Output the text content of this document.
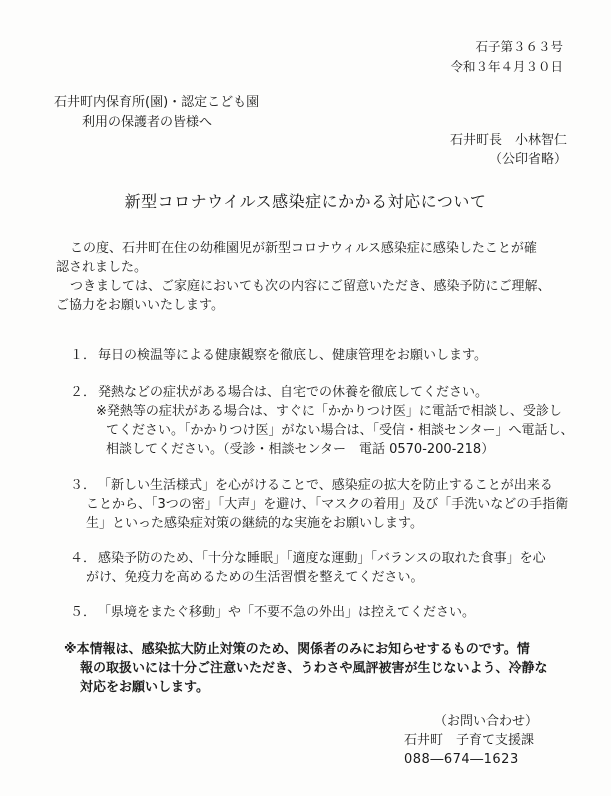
石子第３６３号
令和３年４月３０日
石井町内保育所(園)・認定こども園
利用の保護者の皆様へ
石井町長　小林智仁
（公印省略）
新型コロナウイルス感染症にかかる対応について
この度、石井町在住の幼稚園児が新型コロナウィルス感染症に感染したことが確
認されました。
つきましては、ご家庭においても次の内容にご留意いただき、感染予防にご理解、
ご協力をお願いいたします。
１． 毎日の検温等による健康観察を徹底し、健康管理をお願いします。
２． 発熱などの症状がある場合は、自宅での休養を徹底してください。
※発熱等の症状がある場合は、すぐに「かかりつけ医」に電話で相談し、受診し
てください。「かかりつけ医」がない場合は、「受信・相談センター」へ電話し、
相談してください。（受診・相談センター　電話 0570-200-218）
３． 「新しい生活様式」を心がけることで、感染症の拡大を防止することが出来る
ことから、「3つの密」「大声」を避け、「マスクの着用」及び「手洗いなどの手指衛
生」といった感染症対策の継続的な実施をお願いします。
４． 感染予防のため、「十分な睡眠」「適度な運動」「バランスの取れた食事」を心
がけ、免疫力を高めるための生活習慣を整えてください。
５． 「県境をまたぐ移動」や「不要不急の外出」は控えてください。
※本情報は、感染拡大防止対策のため、関係者のみにお知らせするものです。情
報の取扱いには十分ご注意いただき、うわさや風評被害が生じないよう、冷静な
対応をお願いします。
（お問い合わせ）
石井町　子育て支援課
088―674―1623
